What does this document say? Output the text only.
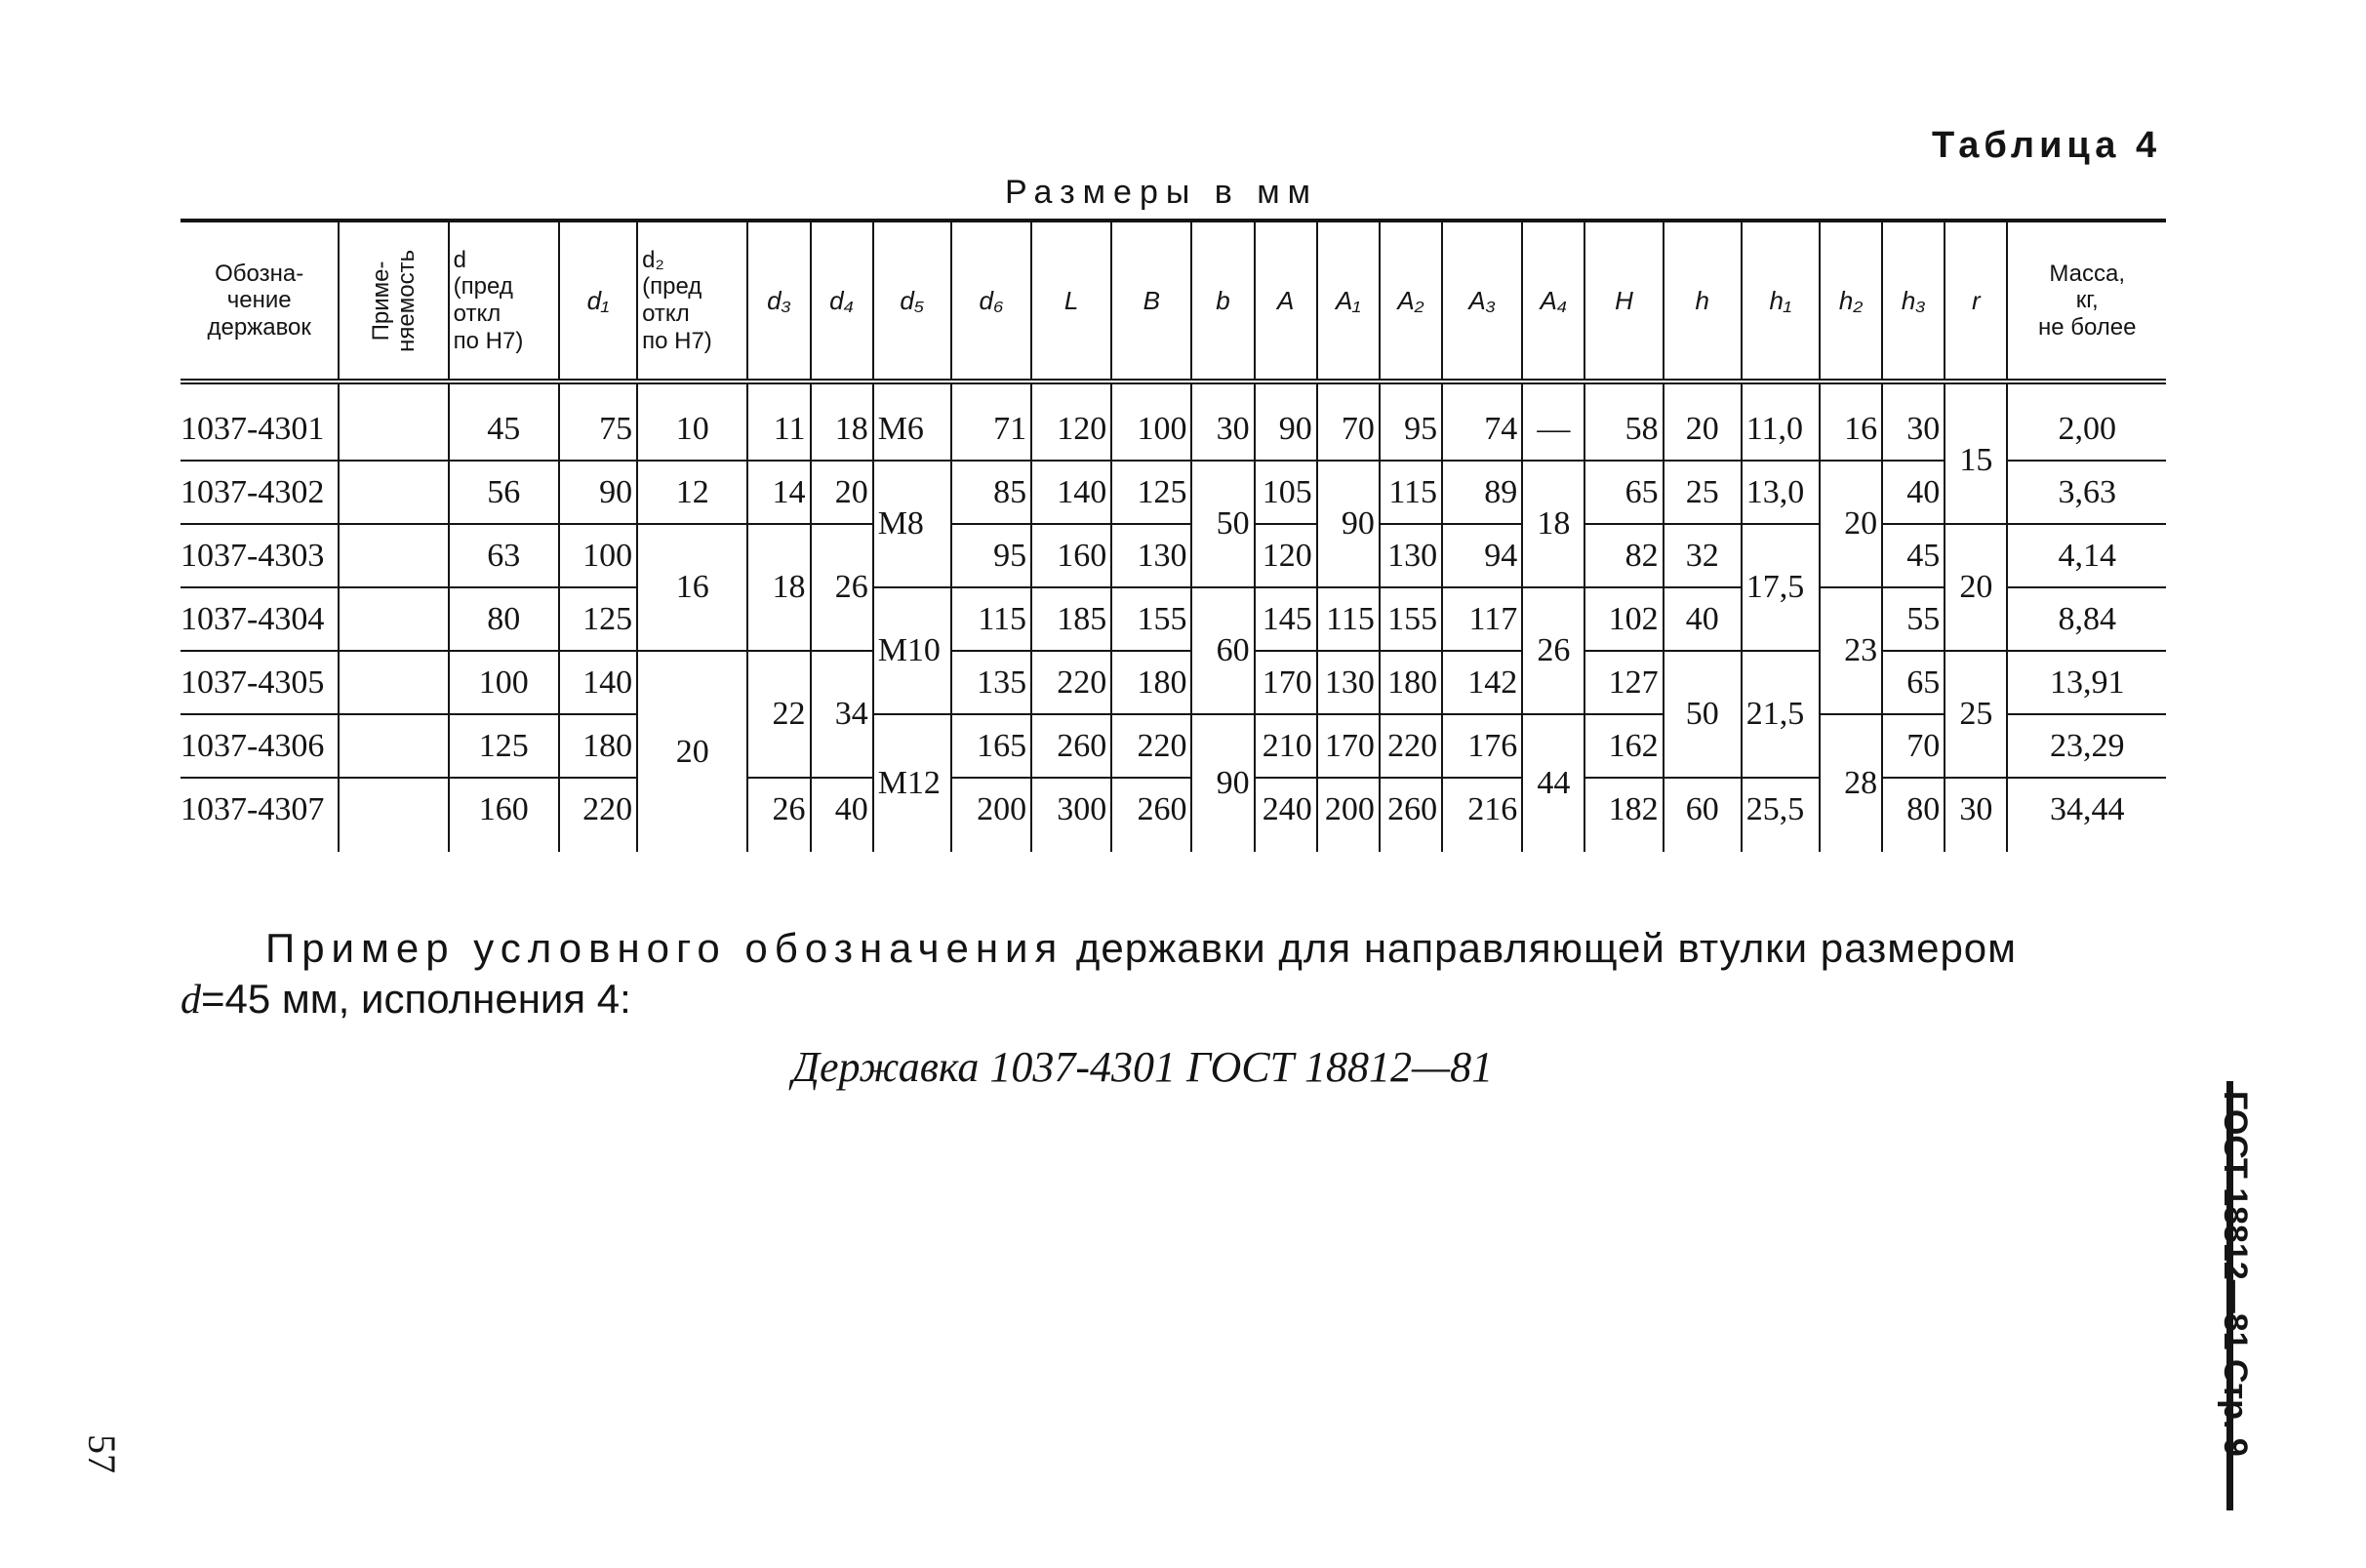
Таблица 4
Размеры в мм
Обозна-
чение
державок	Приме-
няемость	d
(пред
откл
по Н7)	d₁	d₂
(пред
откл
по Н7)	d₃	d₄	d₅	d₆	L	B	b	A	A₁	A₂	A₃	A₄	H	h	h₁	h₂	h₃	r	Масса,
кг,
не более
1037-4301		45	75	10	11	18	М6	71	120	100	30	90	70	95	74	—	58	20	11,0	16	30	15	2,00
1037-4302		56	90	12	14	20	М8	85	140	125	50	105	90	115	89	18	65	25	13,0	20	40		3,63
1037-4303		63	100	16	18	26		95	160	130		120		130	94		82	32	17,5		45	20	4,14
1037-4304		80	125				М10	115	185	155	60	145	115	155	117	26	102	40		23	55		8,84
1037-4305		100	140	20	22	34		135	220	180		170	130	180	142		127	50	21,5		65	25	13,91
1037-4306		125	180				М12	165	260	220	90	210	170	220	176	44	162			28	70		23,29
1037-4307		160	220		26	40		200	300	260		240	200	260	216		182	60	25,5		80	30	34,44
Пример условного обозначения державки для направляющей втулки размером
d=45 мм, исполнения 4:
Державка 1037-4301 ГОСТ 18812—81
ГОСТ 18812—81 Стр. 9
57
